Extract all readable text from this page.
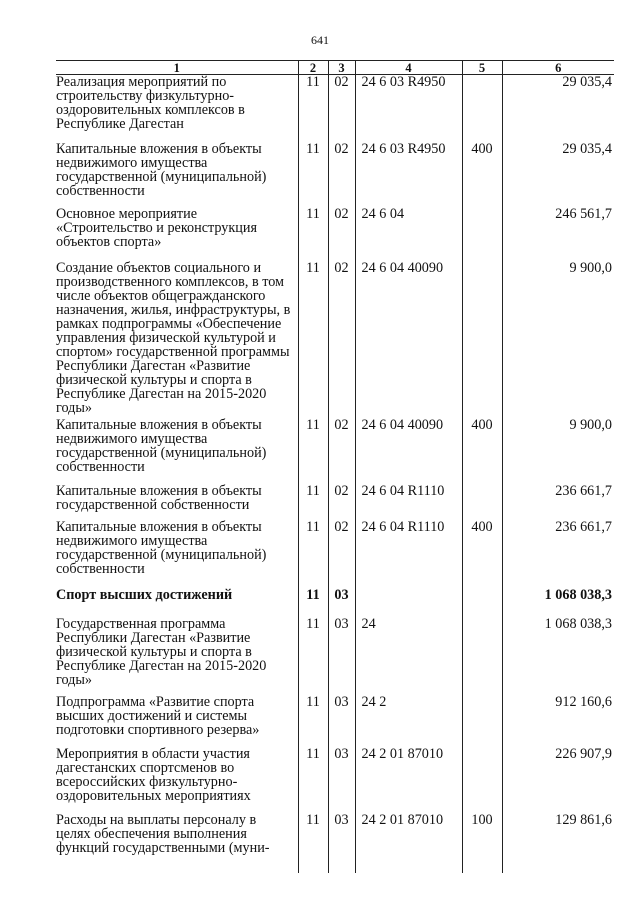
641
1	2	3	4	5	6
Реализация мероприятий по строительству физкультурно-оздоровительных комплексов в Республике Дагестан	11	02	24 6 03 R4950		29 035,4
Капитальные вложения в объекты недвижимого имущества государственной (муниципальной) собственности	11	02	24 6 03 R4950	400	29 035,4
Основное мероприятие «Строительство и реконструкция объектов спорта»	11	02	24 6 04		246 561,7
Создание объектов социального и производственного комплексов, в том числе объектов общегражданского назначения, жилья, инфраструктуры, в рамках подпрограммы «Обеспечение управления физической культурой и спортом» государственной программы Республики Дагестан «Развитие физической культуры и спорта в Республике Дагестан на 2015-2020 годы»	11	02	24 6 04 40090		9 900,0
Капитальные вложения в объекты недвижимого имущества государственной (муниципальной) собственности	11	02	24 6 04 40090	400	9 900,0
Капитальные вложения в объекты государственной собственности	11	02	24 6 04 R1110		236 661,7
Капитальные вложения в объекты недвижимого имущества государственной (муниципальной) собственности	11	02	24 6 04 R1110	400	236 661,7
Спорт высших достижений	11	03			1 068 038,3
Государственная программа Республики Дагестан «Развитие физической культуры и спорта в Республике Дагестан на 2015-2020 годы»	11	03	24		1 068 038,3
Подпрограмма «Развитие спорта высших достижений и системы подготовки спортивного резерва»	11	03	24 2		912 160,6
Мероприятия в области участия дагестанских спортсменов во всероссийских физкультурно-оздоровительных мероприятиях	11	03	24 2 01 87010		226 907,9
Расходы на выплаты персоналу в целях обеспечения выполнения функций государственными (муни-	11	03	24 2 01 87010	100	129 861,6
